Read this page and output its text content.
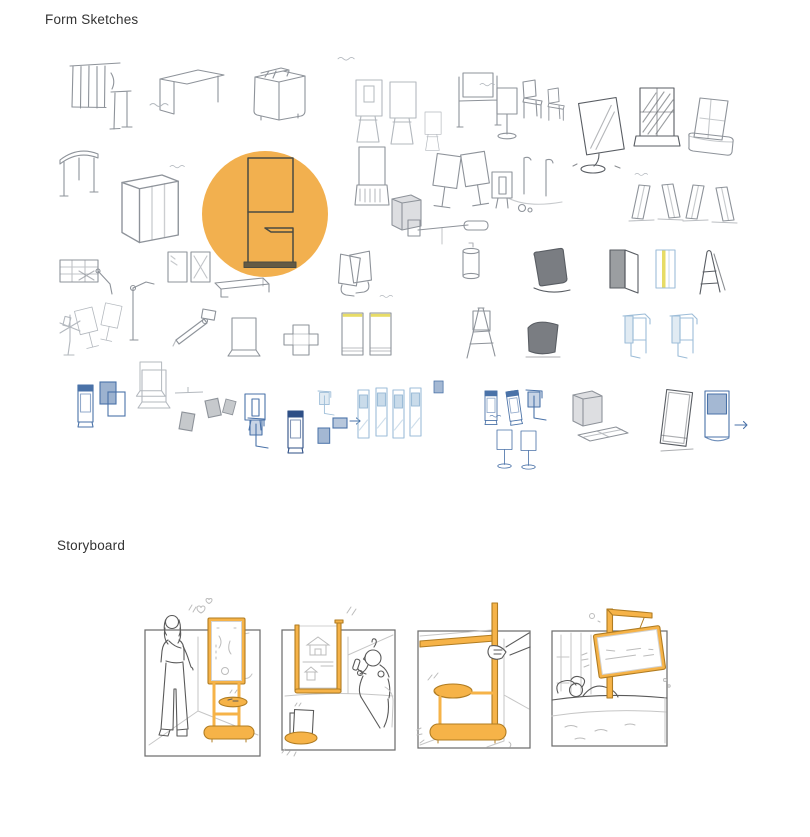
Form Sketches
Storyboard
